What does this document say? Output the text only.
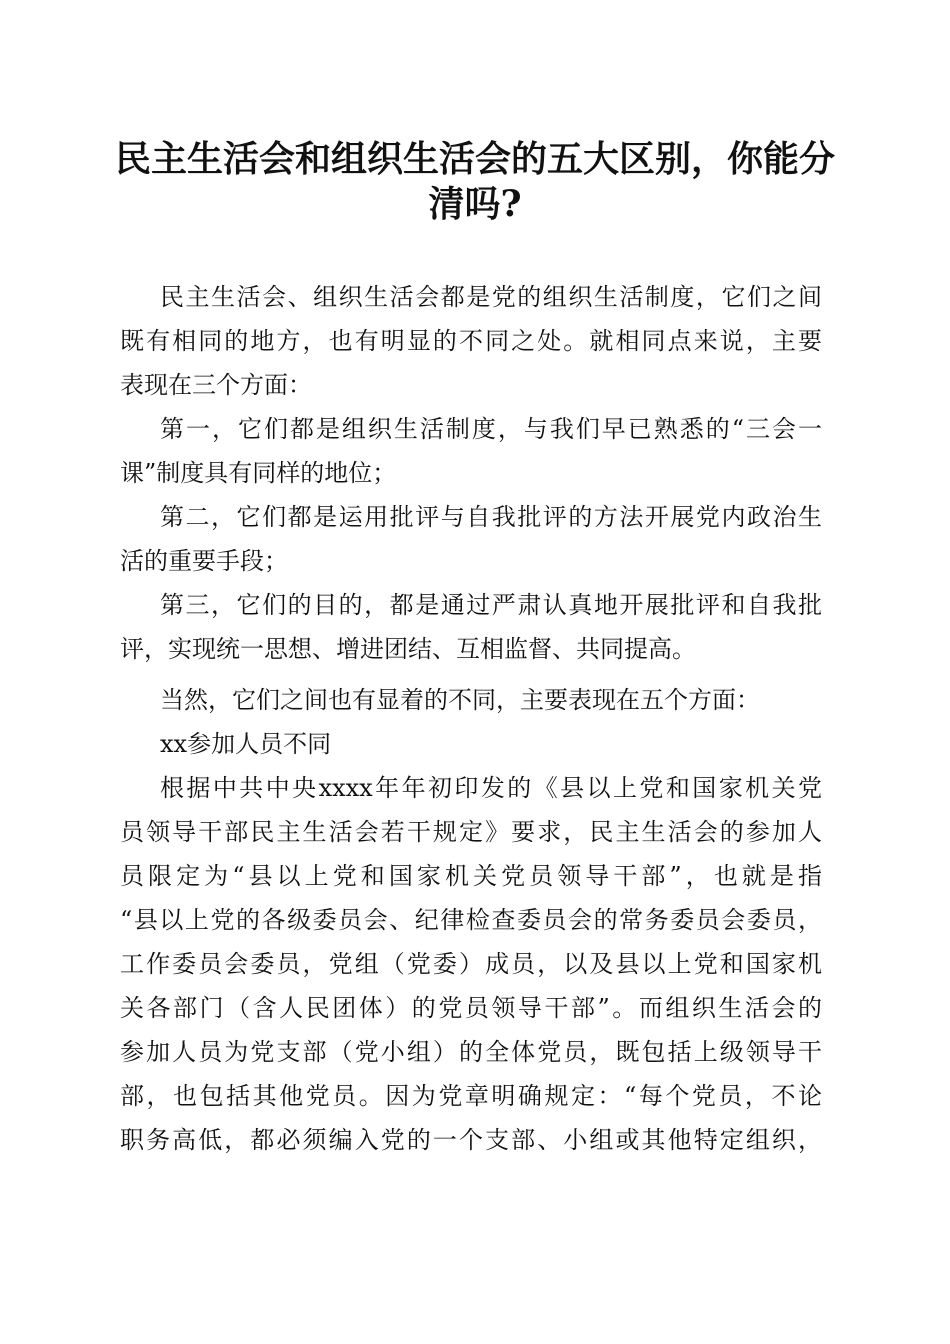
民主生活会和组织生活会的五大区别，你能分
清吗?
民主生活会、组织生活会都是党的组织生活制度，它们之间
既有相同的地方，也有明显的不同之处。就相同点来说，主要
表现在三个方面：
第一，它们都是组织生活制度，与我们早已熟悉的“三会一
课”制度具有同样的地位；
第二，它们都是运用批评与自我批评的方法开展党内政治生
活的重要手段；
第三，它们的目的，都是通过严肃认真地开展批评和自我批
评，实现统一思想、增进团结、互相监督、共同提高。
当然，它们之间也有显着的不同，主要表现在五个方面：
xx参加人员不同
根据中共中央xxxx年年初印发的《县以上党和国家机关党
员领导干部民主生活会若干规定》要求，民主生活会的参加人
员限定为“县以上党和国家机关党员领导干部”，也就是指
“县以上党的各级委员会、纪律检查委员会的常务委员会委员，
工作委员会委员，党组（党委）成员，以及县以上党和国家机
关各部门（含人民团体）的党员领导干部”。而组织生活会的
参加人员为党支部（党小组）的全体党员，既包括上级领导干
部，也包括其他党员。因为党章明确规定：“每个党员，不论
职务高低，都必须编入党的一个支部、小组或其他特定组织，
